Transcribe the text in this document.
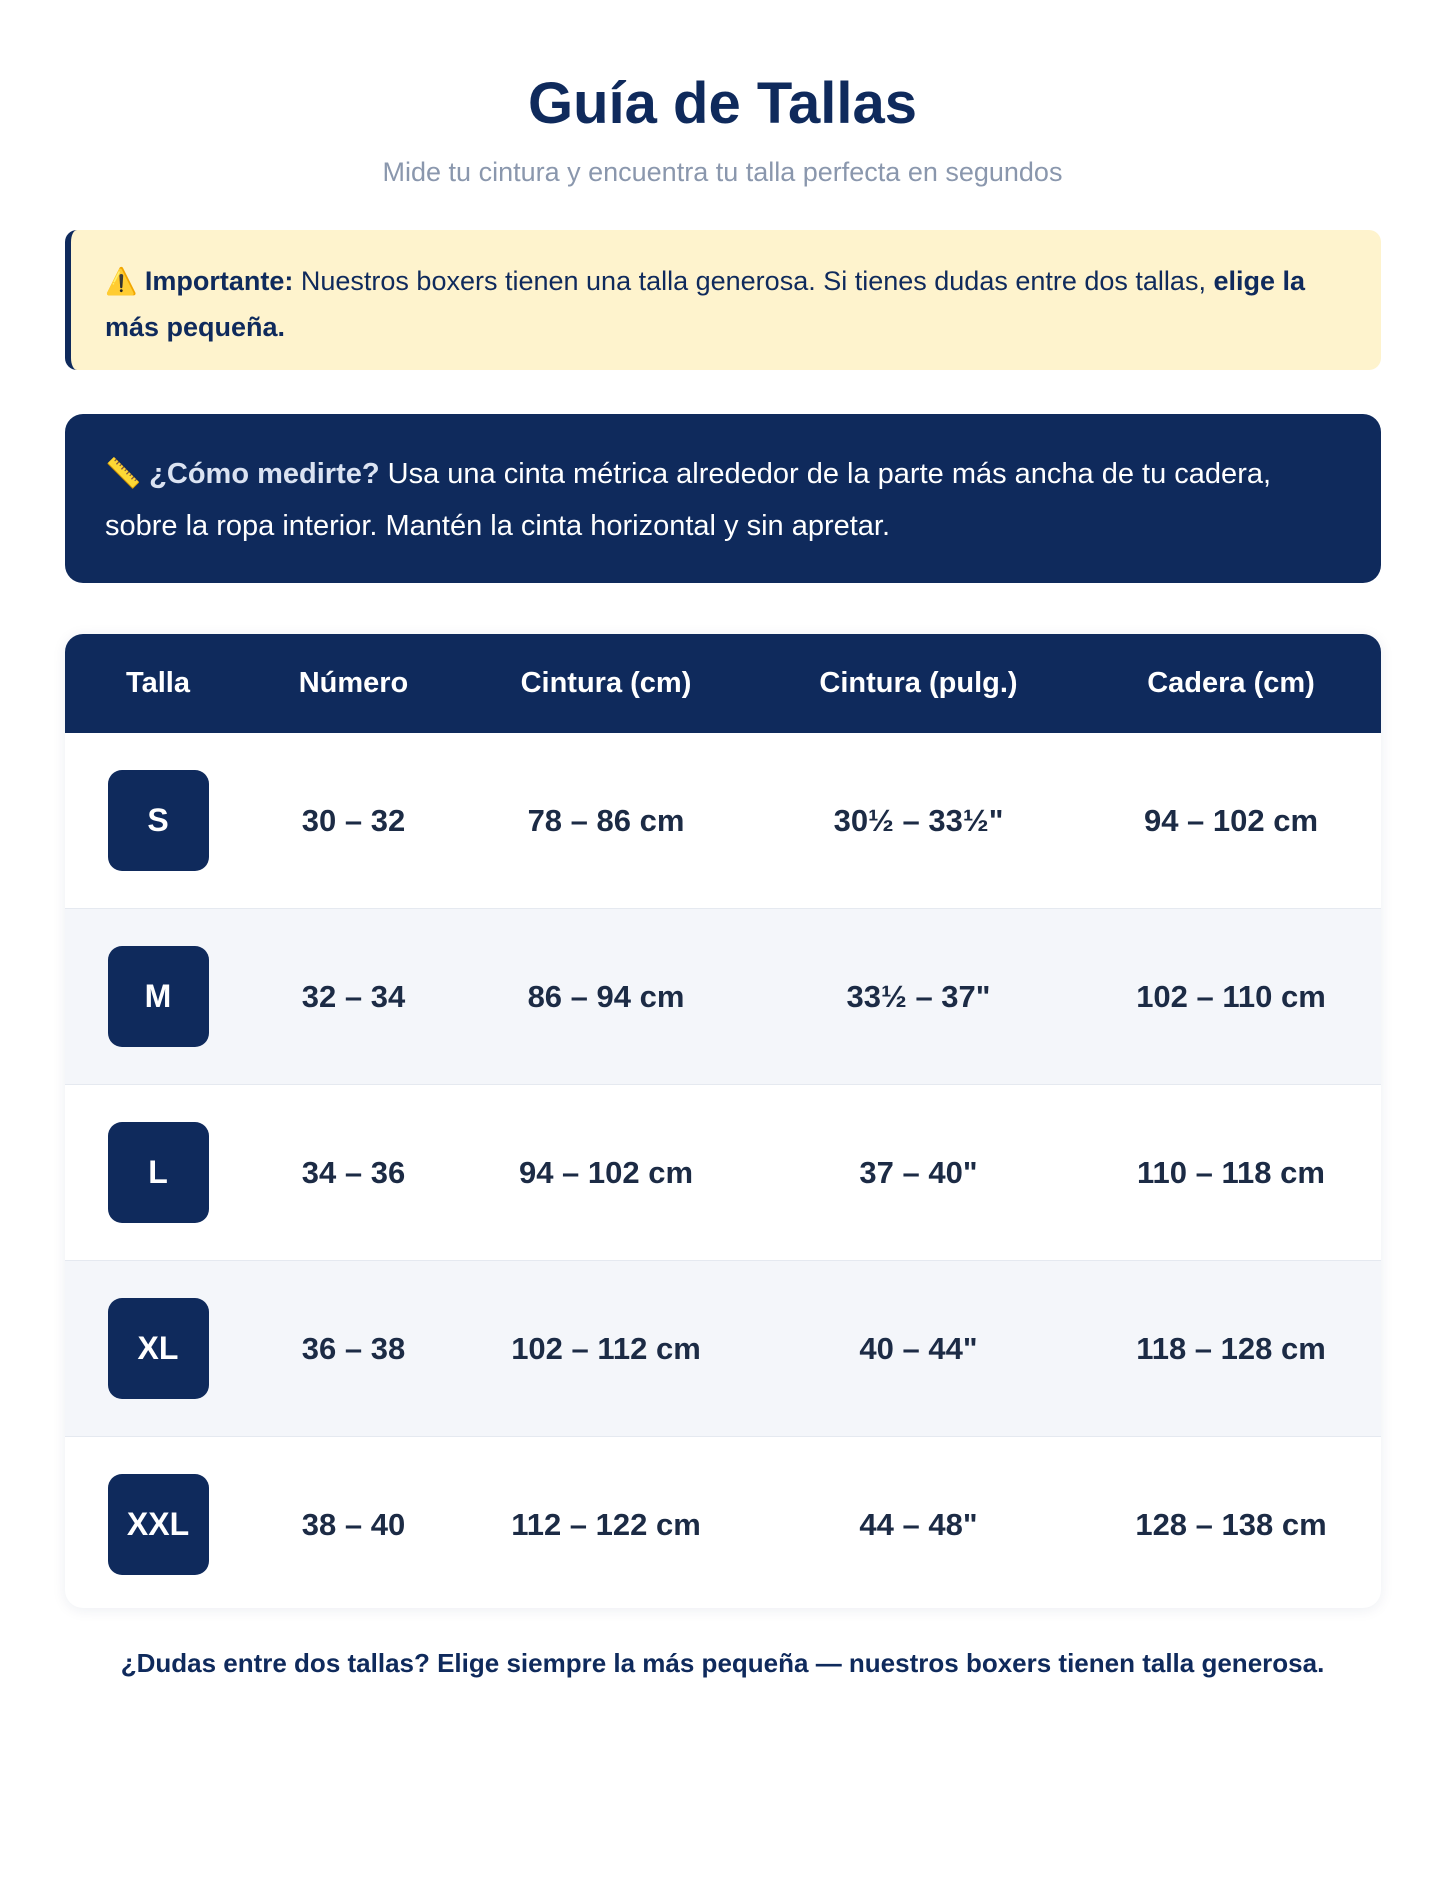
Guía de Tallas
Mide tu cintura y encuentra tu talla perfecta en segundos
⚠️ Importante: Nuestros boxers tienen una talla generosa. Si tienes dudas entre dos tallas, elige la más pequeña.
📏 ¿Cómo medirte? Usa una cinta métrica alrededor de la parte más ancha de tu cadera, sobre la ropa interior. Mantén la cinta horizontal y sin apretar.
Talla	Número	Cintura (cm)	Cintura (pulg.)	Cadera (cm)
S	30 – 32	78 – 86 cm	30½ – 33½"	94 – 102 cm
M	32 – 34	86 – 94 cm	33½ – 37"	102 – 110 cm
L	34 – 36	94 – 102 cm	37 – 40"	110 – 118 cm
XL	36 – 38	102 – 112 cm	40 – 44"	118 – 128 cm
XXL	38 – 40	112 – 122 cm	44 – 48"	128 – 138 cm
¿Dudas entre dos tallas? Elige siempre la más pequeña — nuestros boxers tienen talla generosa.
